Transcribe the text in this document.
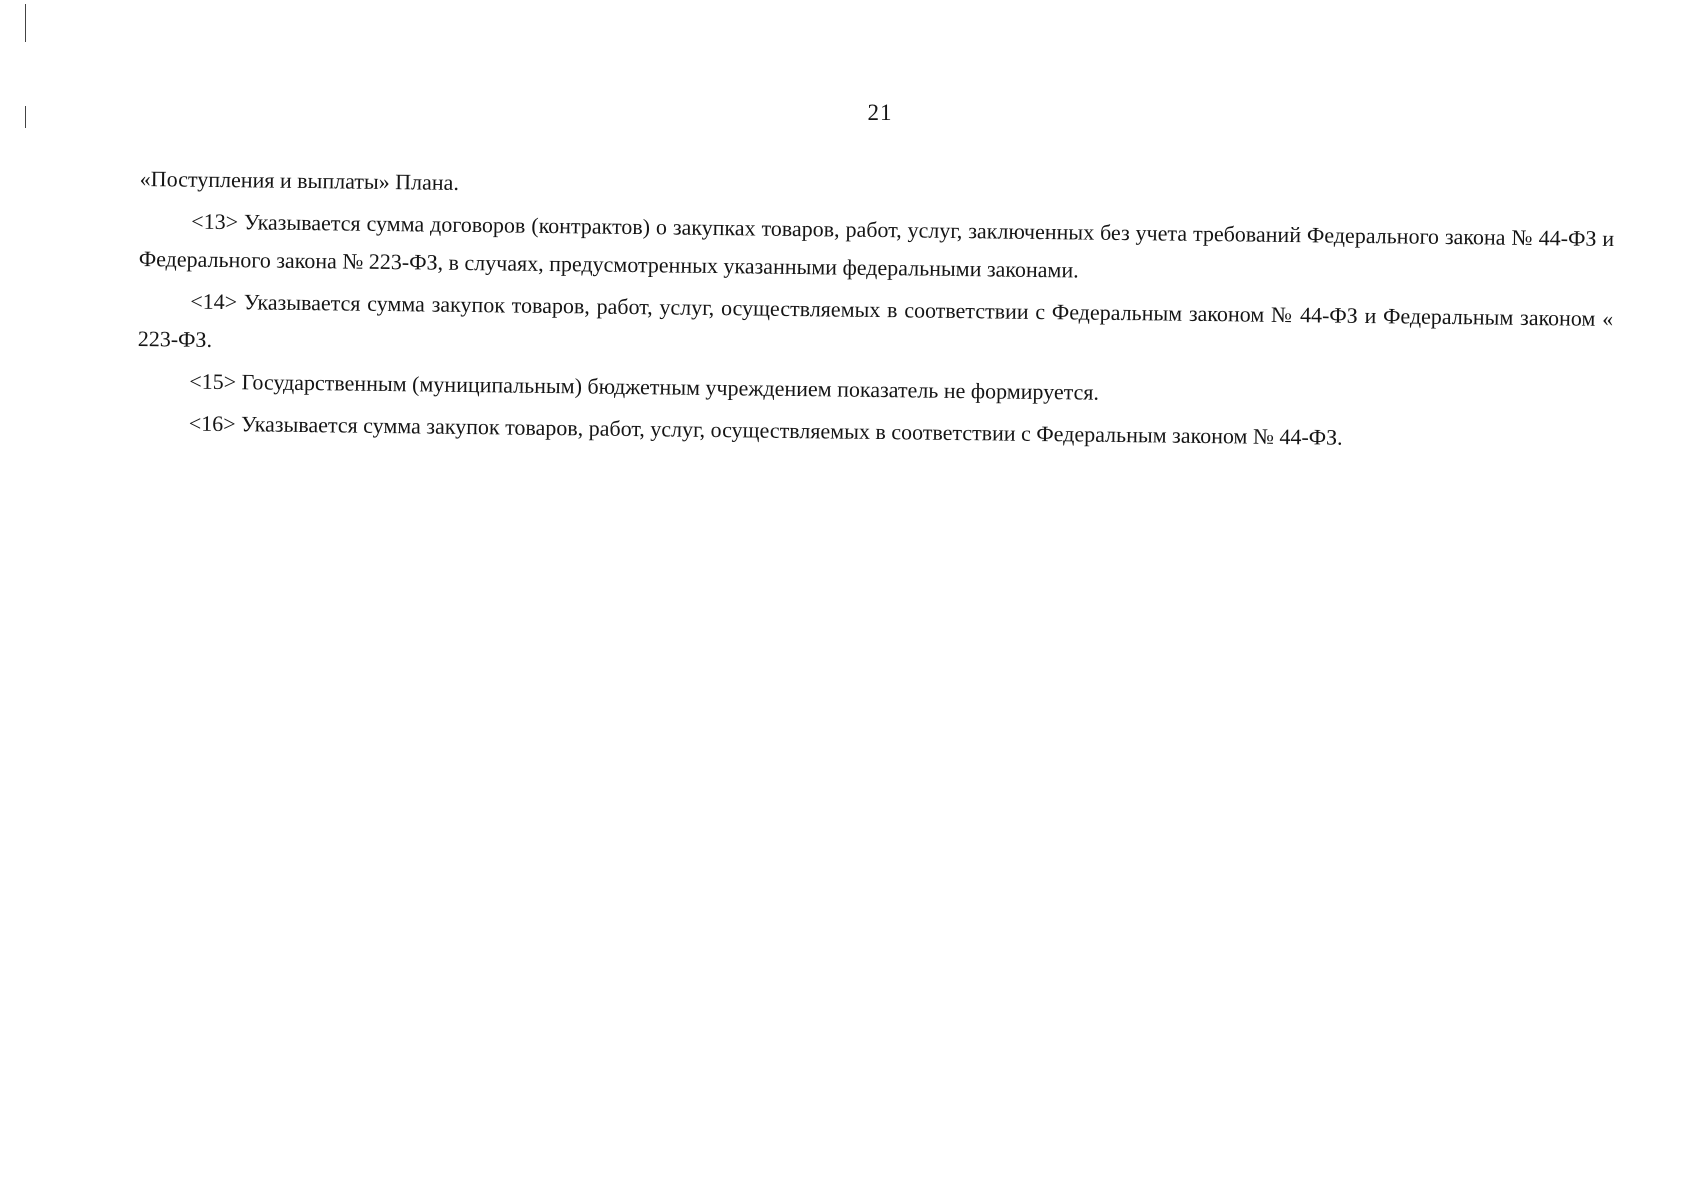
21

«Поступления и выплаты» Плана.

<13> Указывается сумма договоров (контрактов) о закупках товаров, работ, услуг, заключенных без учета требований Федерального закона № 44-ФЗ и Федерального закона № 223-ФЗ, в случаях, предусмотренных указанными федеральными законами.

<14> Указывается сумма закупок товаров, работ, услуг, осуществляемых в соответствии с Федеральным законом № 44-ФЗ и Федеральным законом « 223-ФЗ.

<15> Государственным (муниципальным) бюджетным учреждением показатель не формируется.

<16> Указывается сумма закупок товаров, работ, услуг, осуществляемых в соответствии с Федеральным законом № 44-ФЗ.
